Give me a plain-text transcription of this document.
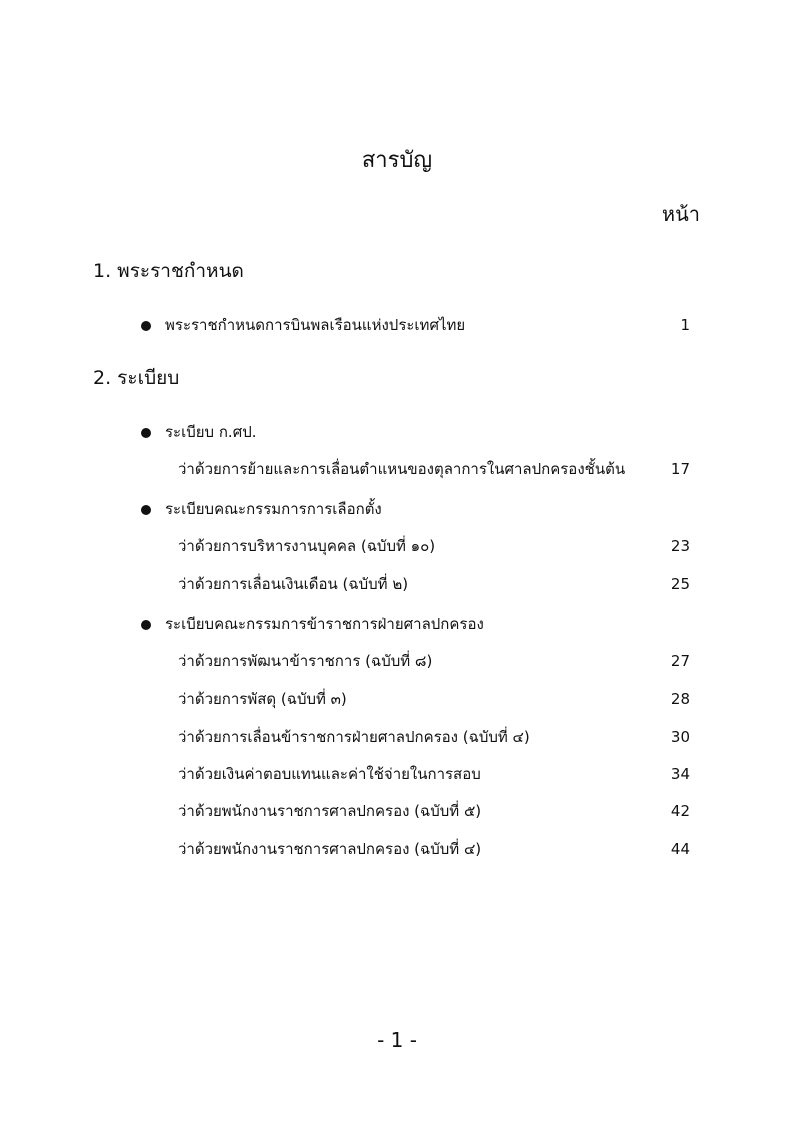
สารบัญ
หน้า
1. พระราชกำหนด
พระราชกำหนดการบินพลเรือนแห่งประเทศไทย	1
2. ระเบียบ
ระเบียบ ก.ศป.
ว่าด้วยการย้ายและการเลื่อนตำแหนของตุลาการในศาลปกครองชั้นต้น	17
ระเบียบคณะกรรมการการเลือกตั้ง
ว่าด้วยการบริหารงานบุคคล (ฉบับที่ ๑๐)	23
ว่าด้วยการเลื่อนเงินเดือน (ฉบับที่ ๒)	25
ระเบียบคณะกรรมการข้าราชการฝ่ายศาลปกครอง
ว่าด้วยการพัฒนาข้าราชการ (ฉบับที่ ๘)	27
ว่าด้วยการพัสดุ (ฉบับที่ ๓)	28
ว่าด้วยการเลื่อนข้าราชการฝ่ายศาลปกครอง (ฉบับที่ ๔)	30
ว่าด้วยเงินค่าตอบแทนและค่าใช้จ่ายในการสอบ	34
ว่าด้วยพนักงานราชการศาลปกครอง (ฉบับที่ ๕)	42
ว่าด้วยพนักงานราชการศาลปกครอง (ฉบับที่ ๔)	44
- 1 -
